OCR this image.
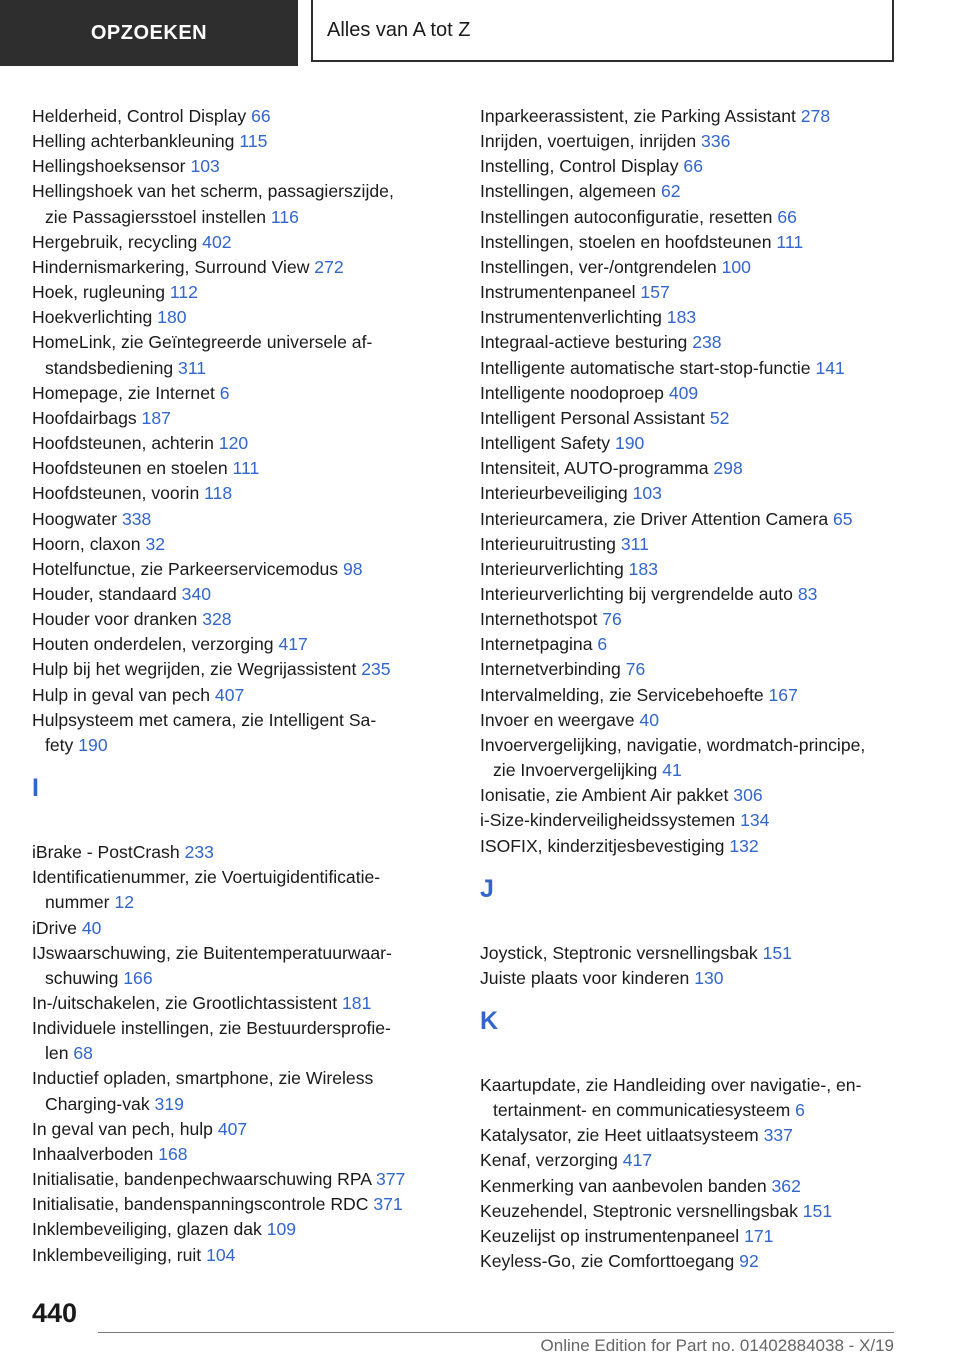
OPZOEKEN	Alles van A tot Z
Helderheid, Control Display 66
Helling achterbankleuning 115
Hellingshoeksensor 103
Hellingshoek van het scherm, passagierszijde,
zie Passagiersstoel instellen 116
Hergebruik, recycling 402
Hindernismarkering, Surround View 272
Hoek, rugleuning 112
Hoekverlichting 180
HomeLink, zie Geïntegreerde universele af-
standsbediening 311
Homepage, zie Internet 6
Hoofdairbags 187
Hoofdsteunen, achterin 120
Hoofdsteunen en stoelen 111
Hoofdsteunen, voorin 118
Hoogwater 338
Hoorn, claxon 32
Hotelfunctue, zie Parkeerservicemodus 98
Houder, standaard 340
Houder voor dranken 328
Houten onderdelen, verzorging 417
Hulp bij het wegrijden, zie Wegrijassistent 235
Hulp in geval van pech 407
Hulpsysteem met camera, zie Intelligent Sa-
fety 190
I
iBrake - PostCrash 233
Identificatienummer, zie Voertuigidentificatie-
nummer 12
iDrive 40
IJswaarschuwing, zie Buitentemperatuurwaar-
schuwing 166
In-/uitschakelen, zie Grootlichtassistent 181
Individuele instellingen, zie Bestuurdersprofie-
len 68
Inductief opladen, smartphone, zie Wireless
Charging-vak 319
In geval van pech, hulp 407
Inhaalverboden 168
Initialisatie, bandenpechwaarschuwing RPA 377
Initialisatie, bandenspanningscontrole RDC 371
Inklembeveiliging, glazen dak 109
Inklembeveiliging, ruit 104
Inparkeerassistent, zie Parking Assistant 278
Inrijden, voertuigen, inrijden 336
Instelling, Control Display 66
Instellingen, algemeen 62
Instellingen autoconfiguratie, resetten 66
Instellingen, stoelen en hoofdsteunen 111
Instellingen, ver-/ontgrendelen 100
Instrumentenpaneel 157
Instrumentenverlichting 183
Integraal-actieve besturing 238
Intelligente automatische start-stop-functie 141
Intelligente noodoproep 409
Intelligent Personal Assistant 52
Intelligent Safety 190
Intensiteit, AUTO-programma 298
Interieurbeveiliging 103
Interieurcamera, zie Driver Attention Camera 65
Interieuruitrusting 311
Interieurverlichting 183
Interieurverlichting bij vergrendelde auto 83
Internethotspot 76
Internetpagina 6
Internetverbinding 76
Intervalmelding, zie Servicebehoefte 167
Invoer en weergave 40
Invoervergelijking, navigatie, wordmatch-principe,
zie Invoervergelijking 41
Ionisatie, zie Ambient Air pakket 306
i-Size-kinderveiligheidssystemen 134
ISOFIX, kinderzitjesbevestiging 132
J
Joystick, Steptronic versnellingsbak 151
Juiste plaats voor kinderen 130
K
Kaartupdate, zie Handleiding over navigatie-, en-
tertainment- en communicatiesysteem 6
Katalysator, zie Heet uitlaatsysteem 337
Kenaf, verzorging 417
Kenmerking van aanbevolen banden 362
Keuzehendel, Steptronic versnellingsbak 151
Keuzelijst op instrumentenpaneel 171
Keyless-Go, zie Comforttoegang 92
440
Online Edition for Part no. 01402884038 - X/19
